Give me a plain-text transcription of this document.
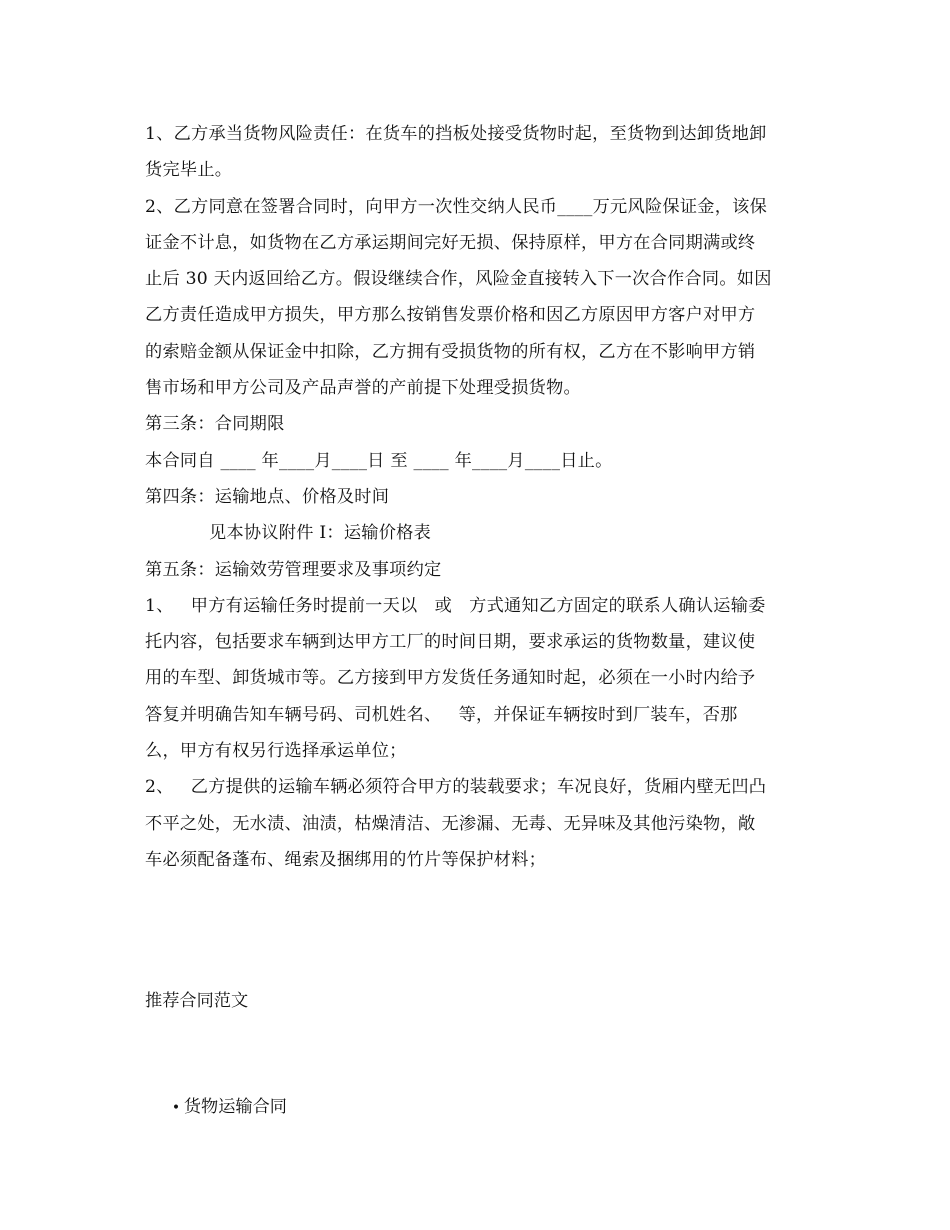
1、乙方承当货物风险责任：在货车的挡板处接受货物时起，至货物到达卸货地卸
货完毕止。
2、乙方同意在签署合同时，向甲方一次性交纳人民币____万元风险保证金，该保
证金不计息，如货物在乙方承运期间完好无损、保持原样，甲方在合同期满或终
止后 30 天内返回给乙方。假设继续合作，风险金直接转入下一次合作合同。如因
乙方责任造成甲方损失，甲方那么按销售发票价格和因乙方原因甲方客户对甲方
的索赔金额从保证金中扣除，乙方拥有受损货物的所有权，乙方在不影响甲方销
售市场和甲方公司及产品声誉的产前提下处理受损货物。
第三条：合同期限
本合同自 ____ 年____月____日 至 ____ 年____月____日止。
第四条：运输地点、价格及时间
见本协议附件 I：运输价格表
第五条：运输效劳管理要求及事项约定
1、   甲方有运输任务时提前一天以   或   方式通知乙方固定的联系人确认运输委
托内容，包括要求车辆到达甲方工厂的时间日期，要求承运的货物数量，建议使
用的车型、卸货城市等。乙方接到甲方发货任务通知时起，必须在一小时内给予
答复并明确告知车辆号码、司机姓名、   等，并保证车辆按时到厂装车，否那
么，甲方有权另行选择承运单位；
2、   乙方提供的运输车辆必须符合甲方的装载要求；车况良好，货厢内壁无凹凸
不平之处，无水渍、油渍，枯燥清洁、无渗漏、无毒、无异味及其他污染物，敞
车必须配备蓬布、绳索及捆绑用的竹片等保护材料；
推荐合同范文

• 货物运输合同
